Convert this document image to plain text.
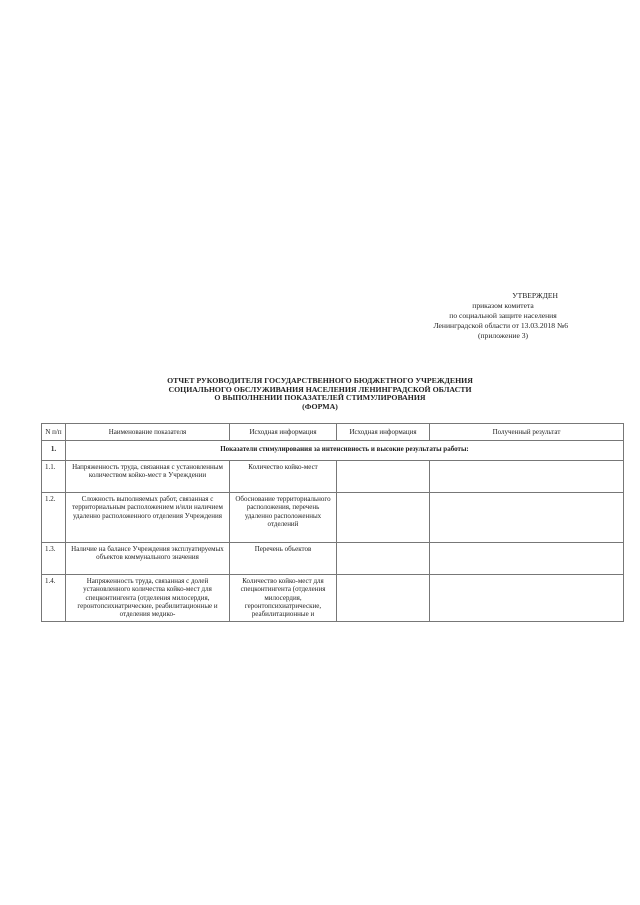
УТВЕРЖДЕН
приказом комитета
по социальной защите населения
Ленинградской области от 13.03.2018 №6
(приложение 3)
ОТЧЕТ РУКОВОДИТЕЛЯ ГОСУДАРСТВЕННОГО БЮДЖЕТНОГО УЧРЕЖДЕНИЯ
СОЦИАЛЬНОГО ОБСЛУЖИВАНИЯ НАСЕЛЕНИЯ ЛЕНИНГРАДСКОЙ ОБЛАСТИ
О ВЫПОЛНЕНИИ ПОКАЗАТЕЛЕЙ СТИМУЛИРОВАНИЯ
(ФОРМА)
N п/п	Наименование показателя	Исходная информация	Исходная информация	Полученный результат
1.	Показатели стимулирования за интенсивность и высокие результаты работы:			
1.1.	Напряженность труда, связанная с установленным количеством койко-мест в Учреждении	Количество койко-мест		
1.2.	Сложность выполняемых работ, связанная с территориальным расположением и/или наличием удаленно расположенного отделения Учреждения	Обоснование территориального расположения, перечень удаленно расположенных отделений		
1.3.	Наличие на балансе Учреждения эксплуатируемых объектов коммунального значения	Перечень объектов		
1.4.	Напряженность труда, связанная с долей установленного количества койко-мест для спецконтингента (отделения милосердия, геронтопсихиатрические, реабилитационные и отделения медико-	Количество койко-мест для спецконтингента (отделения милосердия, геронтопсихиатрические, реабилитационные и		
